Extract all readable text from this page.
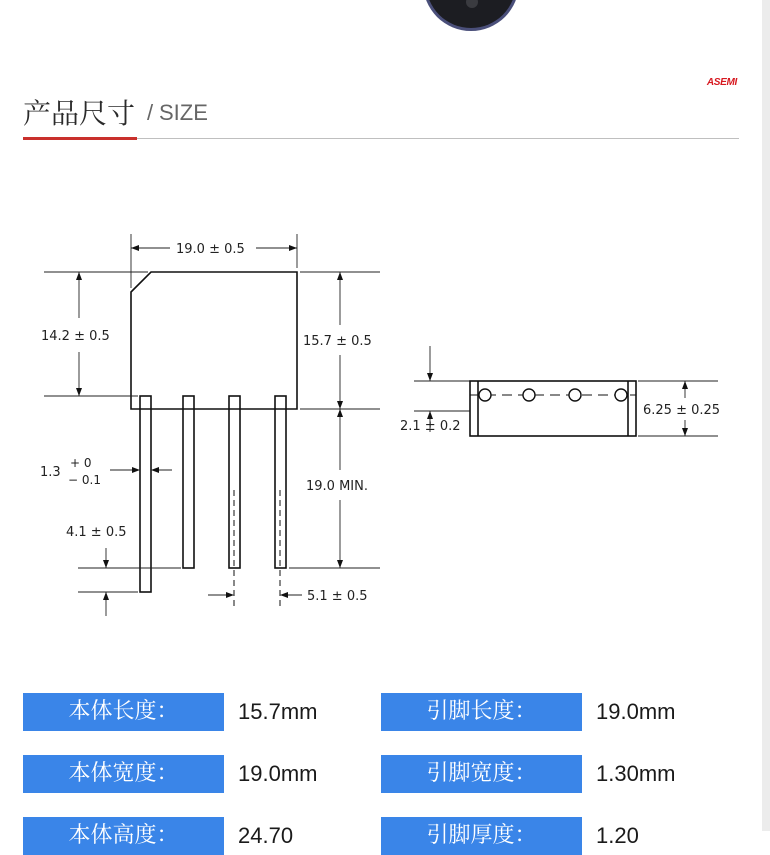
产品尺寸 / SIZE
ASEMI
19.0 ± 0.5
14.2 ± 0.5	15.7 ± 0.5
1.3
+ 0
− 0.1	19.0 MIN.
4.1 ± 0.5
5.1 ± 0.5
2.1 ± 0.2
6.25 ± 0.25
本体长度：	15.7mm	引脚长度：	19.0mm
本体宽度：	19.0mm	引脚宽度：	1.30mm
本体高度：	24.70	引脚厚度：	1.20
